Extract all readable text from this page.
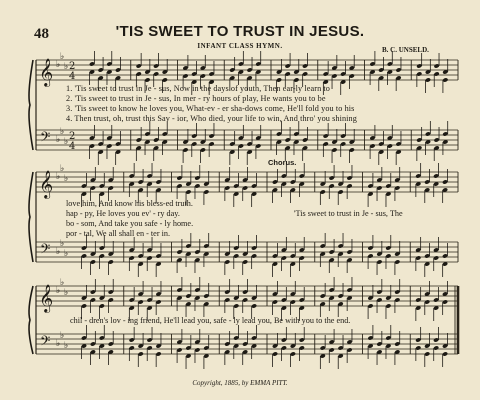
𝄞
𝄢
♭
♭
♭
♭
♭
♭
2
4
2
4
𝄞
𝄢
♭
♭
♭
♭
♭
♭
𝄞
𝄢
♭
♭
♭
♭
♭
♭
48	'TIS SWEET TO TRUST IN JESUS.
INFANT CLASS HYMN.	B. C. UNSELD.
1. 'Tis sweet to trust in Je - sus, Now in the days of youth, Then ear-ly learn to
2. 'Tis sweet to trust in Je - sus, In mer - ry hours of play, He wants you to be
3. 'Tis sweet to know he loves you, What-ev - er sha-dows come, He'll fold you to his
4. Then trust, oh, trust this Sav - ior, Who died, your life to win, And thro' you shining
Chorus.
love him, And know his bless-ed truth.
hap - py, He loves you ev' - ry day.
bo - som, And take you safe - ly home.
por - tal, We all shall en - ter in.
'Tis sweet to trust in Je - sus, The
chil - dren's lov - ing friend, He'll lead you, safe - ly lead you, Be with you to the end.
Copyright, 1885, by EMMA PITT.
